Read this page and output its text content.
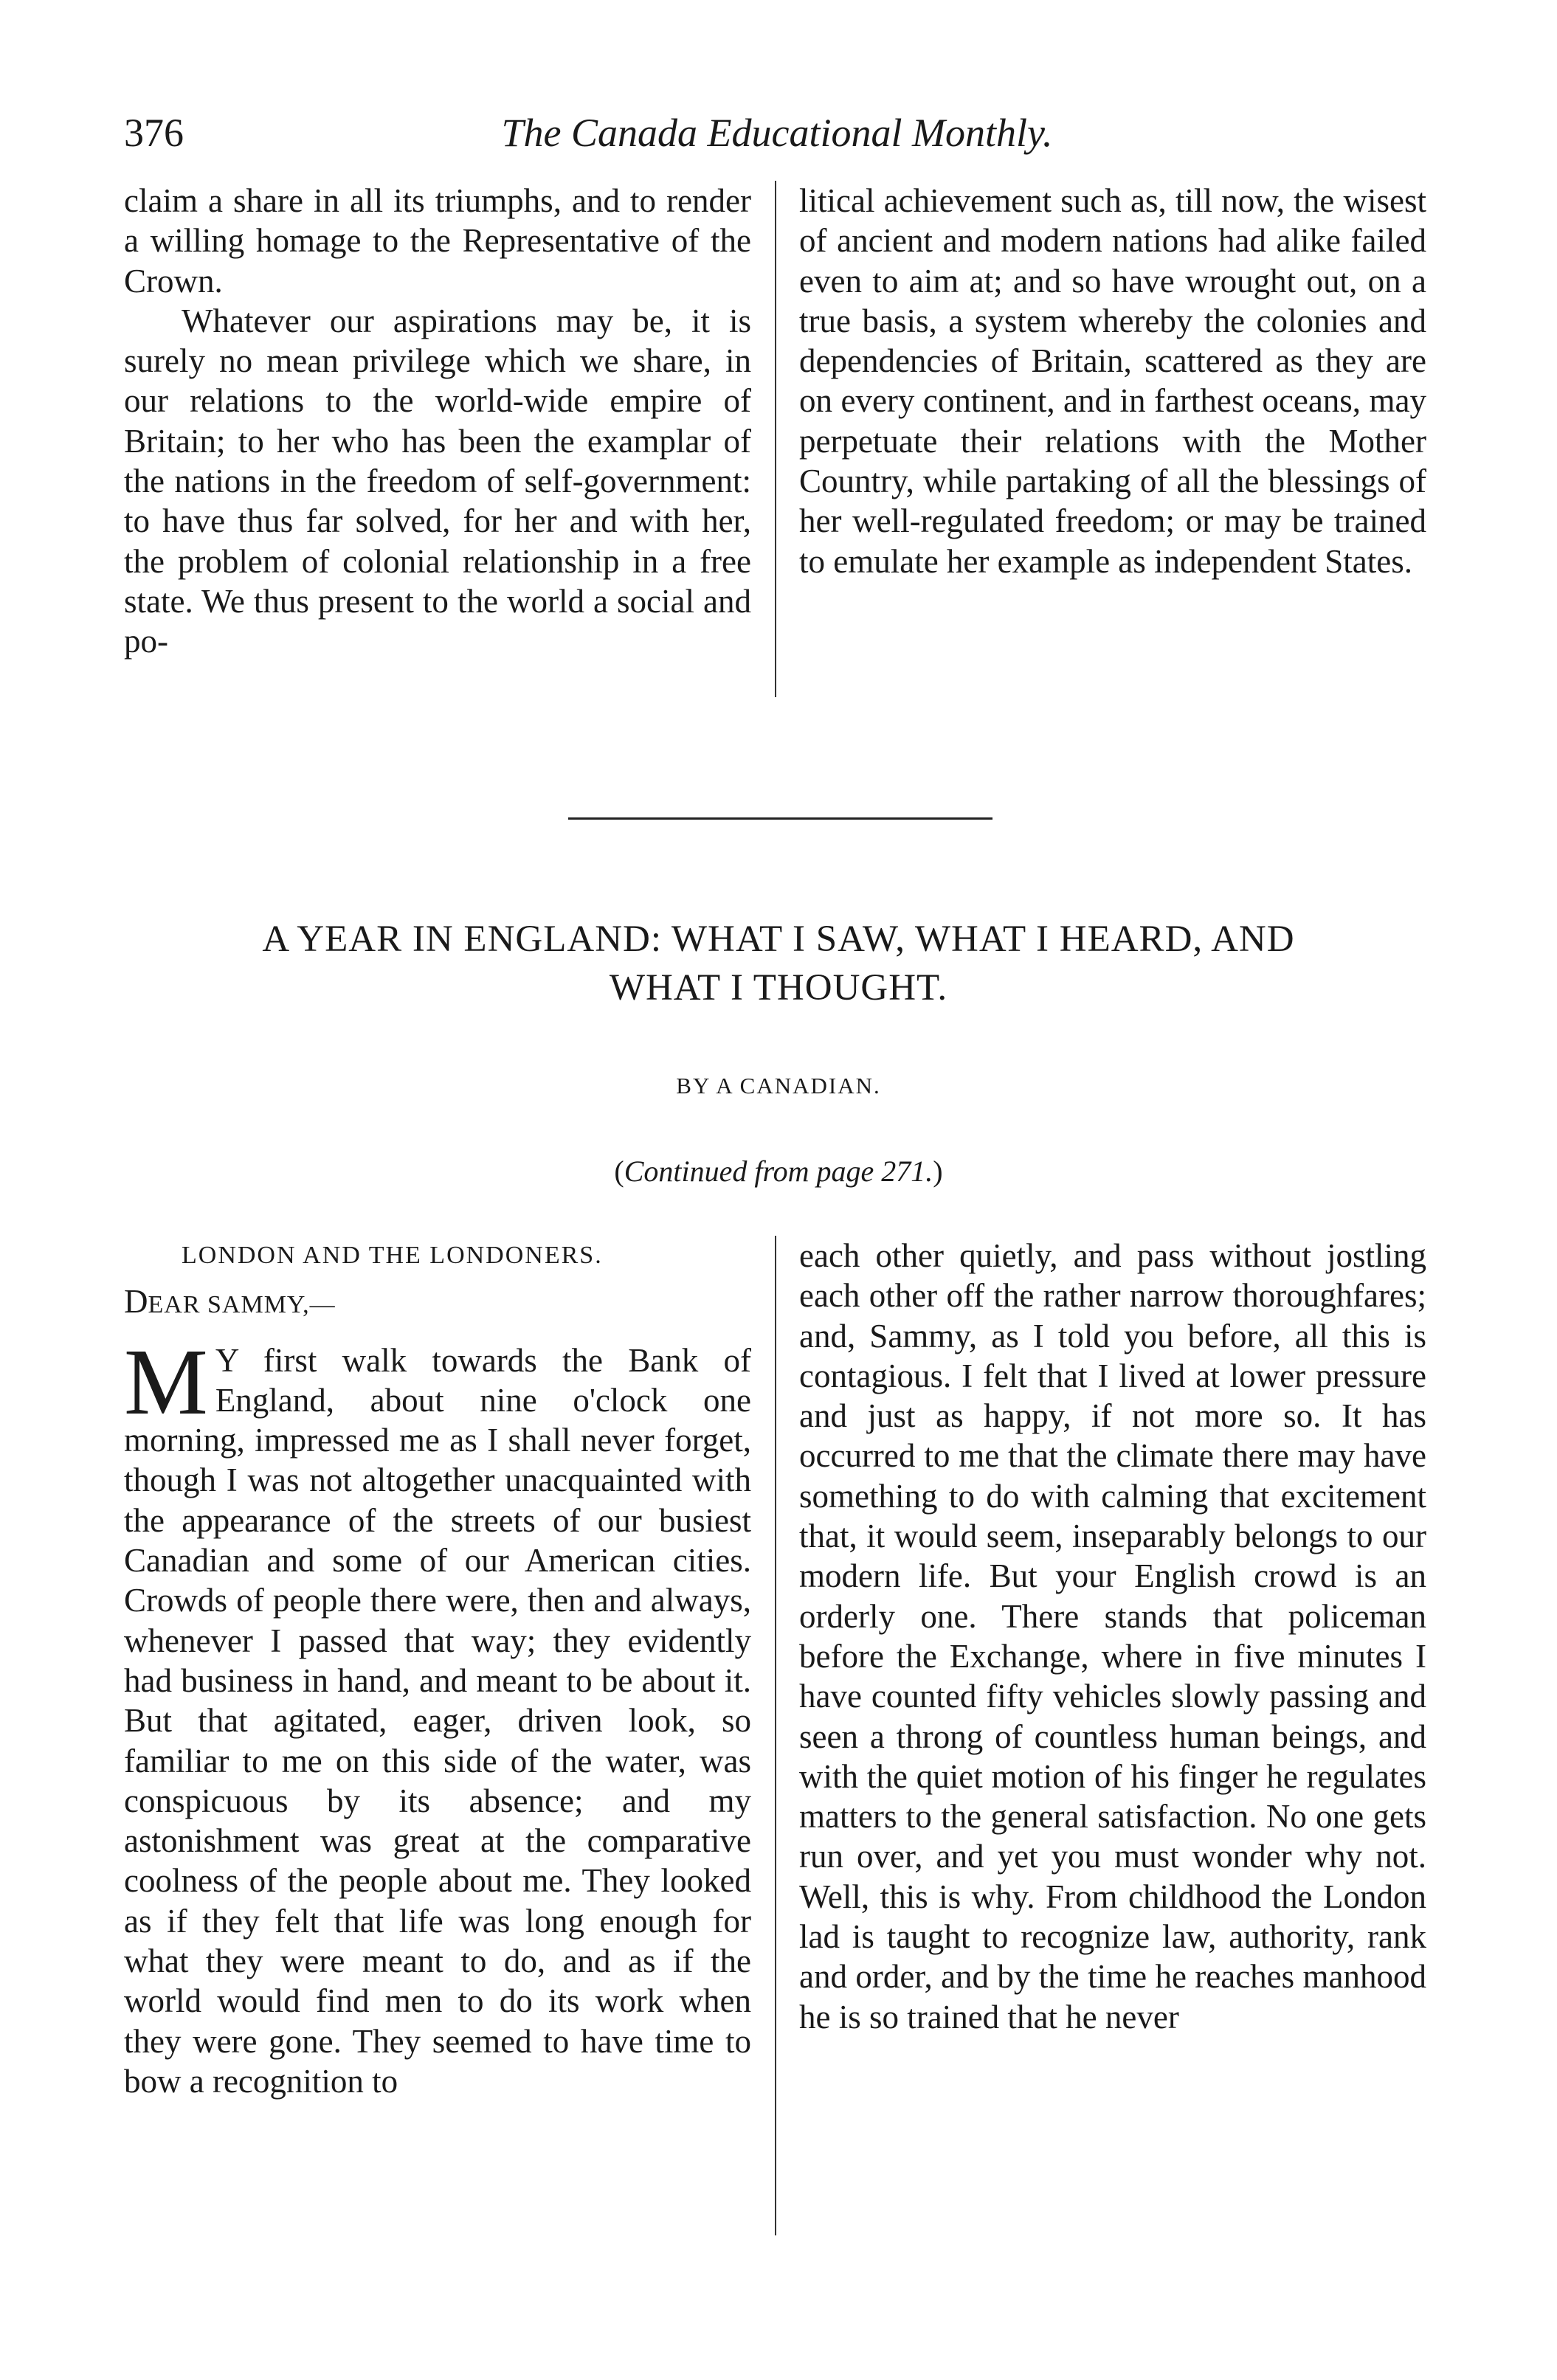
376	The Canada Educational Monthly.

claim a share in all its triumphs, and to render a willing homage to the Representative of the Crown.

Whatever our aspirations may be, it is surely no mean privilege which we share, in our relations to the world-wide empire of Britain; to her who has been the examplar of the nations in the freedom of self-government: to have thus far solved, for her and with her, the problem of colonial relationship in a free state. We thus present to the world a social and po-

litical achievement such as, till now, the wisest of ancient and modern nations had alike failed even to aim at; and so have wrought out, on a true basis, a system whereby the colonies and dependencies of Britain, scattered as they are on every continent, and in farthest oceans, may perpetuate their relations with the Mother Country, while partaking of all the blessings of her well-regulated freedom; or may be trained to emulate her example as independent States.

A YEAR IN ENGLAND: WHAT I SAW, WHAT I HEARD, AND
WHAT I THOUGHT.
BY A CANADIAN.
(Continued from page 271.)
LONDON AND THE LONDONERS.
DEAR SAMMY,—

M Y first walk towards the Bank of England, about nine o'clock one morning, impressed me as I shall never forget, though I was not altogether unacquainted with the appearance of the streets of our busiest Canadian and some of our American cities. Crowds of people there were, then and always, whenever I passed that way; they evidently had business in hand, and meant to be about it. But that agitated, eager, driven look, so familiar to me on this side of the water, was conspicuous by its absence; and my astonishment was great at the comparative coolness of the people about me. They looked as if they felt that life was long enough for what they were meant to do, and as if the world would find men to do its work when they were gone. They seemed to have time to bow a recognition to

each other quietly, and pass without jostling each other off the rather narrow thoroughfares; and, Sammy, as I told you before, all this is contagious. I felt that I lived at lower pressure and just as happy, if not more so. It has occurred to me that the climate there may have something to do with calming that excitement that, it would seem, inseparably belongs to our modern life. But your English crowd is an orderly one. There stands that policeman before the Exchange, where in five minutes I have counted fifty vehicles slowly passing and seen a throng of countless human beings, and with the quiet motion of his finger he regulates matters to the general satisfaction. No one gets run over, and yet you must wonder why not. Well, this is why. From childhood the London lad is taught to recognize law, authority, rank and order, and by the time he reaches manhood he is so trained that he never
